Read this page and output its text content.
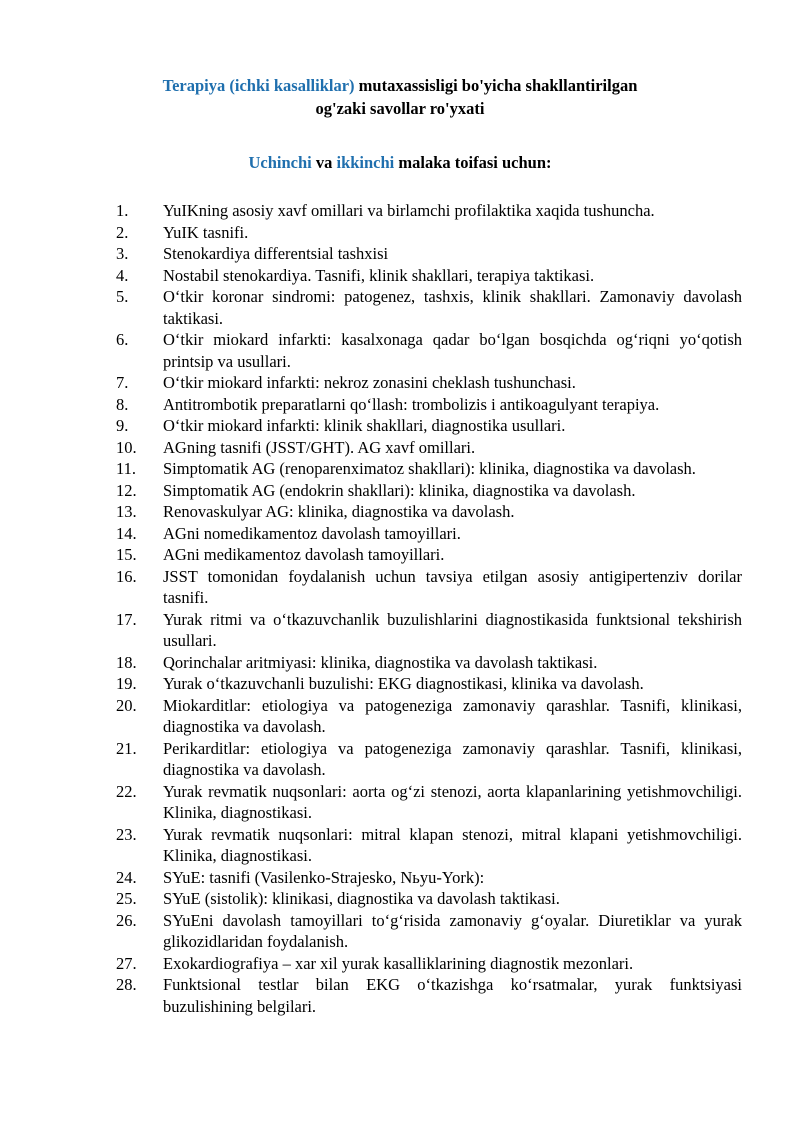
Terapiya (ichki kasalliklar) mutaxassisligi bo'yicha shakllantirilgan
og'zaki savollar ro'yxati
Uchinchi va ikkinchi malaka toifasi uchun:
1.	YuIKning asosiy xavf omillari va birlamchi profilaktika xaqida tushuncha.
2.	YuIK tasnifi.
3.	Stenokardiya differentsial tashxisi
4.	Nostabil stenokardiya. Tasnifi, klinik shakllari, terapiya taktikasi.
5.	O‘tkir koronar sindromi: patogenez, tashxis, klinik shakllari. Zamonaviy davolash taktikasi.
6.	O‘tkir miokard infarkti: kasalxonaga qadar bo‘lgan bosqichda og‘riqni yo‘qotish printsip va usullari.
7.	O‘tkir miokard infarkti: nekroz zonasini cheklash tushunchasi.
8.	Antitrombotik preparatlarni qo‘llash: trombolizis i antikoagulyant terapiya.
9.	O‘tkir miokard infarkti: klinik shakllari, diagnostika usullari.
10.	AGning tasnifi (JSST/GHT). AG xavf omillari.
11.	Simptomatik AG (renoparenximatoz shakllari): klinika, diagnostika va davolash.
12.	Simptomatik AG (endokrin shakllari): klinika, diagnostika va davolash.
13.	Renovaskulyar AG: klinika, diagnostika va davolash.
14.	AGni nomedikamentoz davolash tamoyillari.
15.	AGni medikamentoz davolash tamoyillari.
16.	JSST tomonidan foydalanish uchun tavsiya etilgan asosiy antigipertenziv dorilar tasnifi.
17.	Yurak ritmi va o‘tkazuvchanlik buzulishlarini diagnostikasida funktsional tekshirish usullari.
18.	Qorinchalar aritmiyasi: klinika, diagnostika va davolash taktikasi.
19.	Yurak o‘tkazuvchanli buzulishi: EKG diagnostikasi, klinika va davolash.
20.	Miokarditlar: etiologiya va patogeneziga zamonaviy qarashlar. Tasnifi, klinikasi, diagnostika va davolash.
21.	Perikarditlar: etiologiya va patogeneziga zamonaviy qarashlar. Tasnifi, klinikasi, diagnostika va davolash.
22.	Yurak revmatik nuqsonlari: aorta og‘zi stenozi, aorta klapanlarining yetishmovchiligi. Klinika, diagnostikasi.
23.	Yurak revmatik nuqsonlari: mitral klapan stenozi, mitral klapani yetishmovchiligi. Klinika, diagnostikasi.
24.	SYuE: tasnifi (Vasilenko-Strajesko, Nьyu-York):
25.	SYuE (sistolik): klinikasi, diagnostika va davolash taktikasi.
26.	SYuEni davolash tamoyillari to‘g‘risida zamonaviy g‘oyalar. Diuretiklar va yurak glikozidlaridan foydalanish.
27.	Exokardiografiya – xar xil yurak kasalliklarining diagnostik mezonlari.
28.	Funktsional testlar bilan EKG o‘tkazishga ko‘rsatmalar, yurak funktsiyasi buzulishining belgilari.
